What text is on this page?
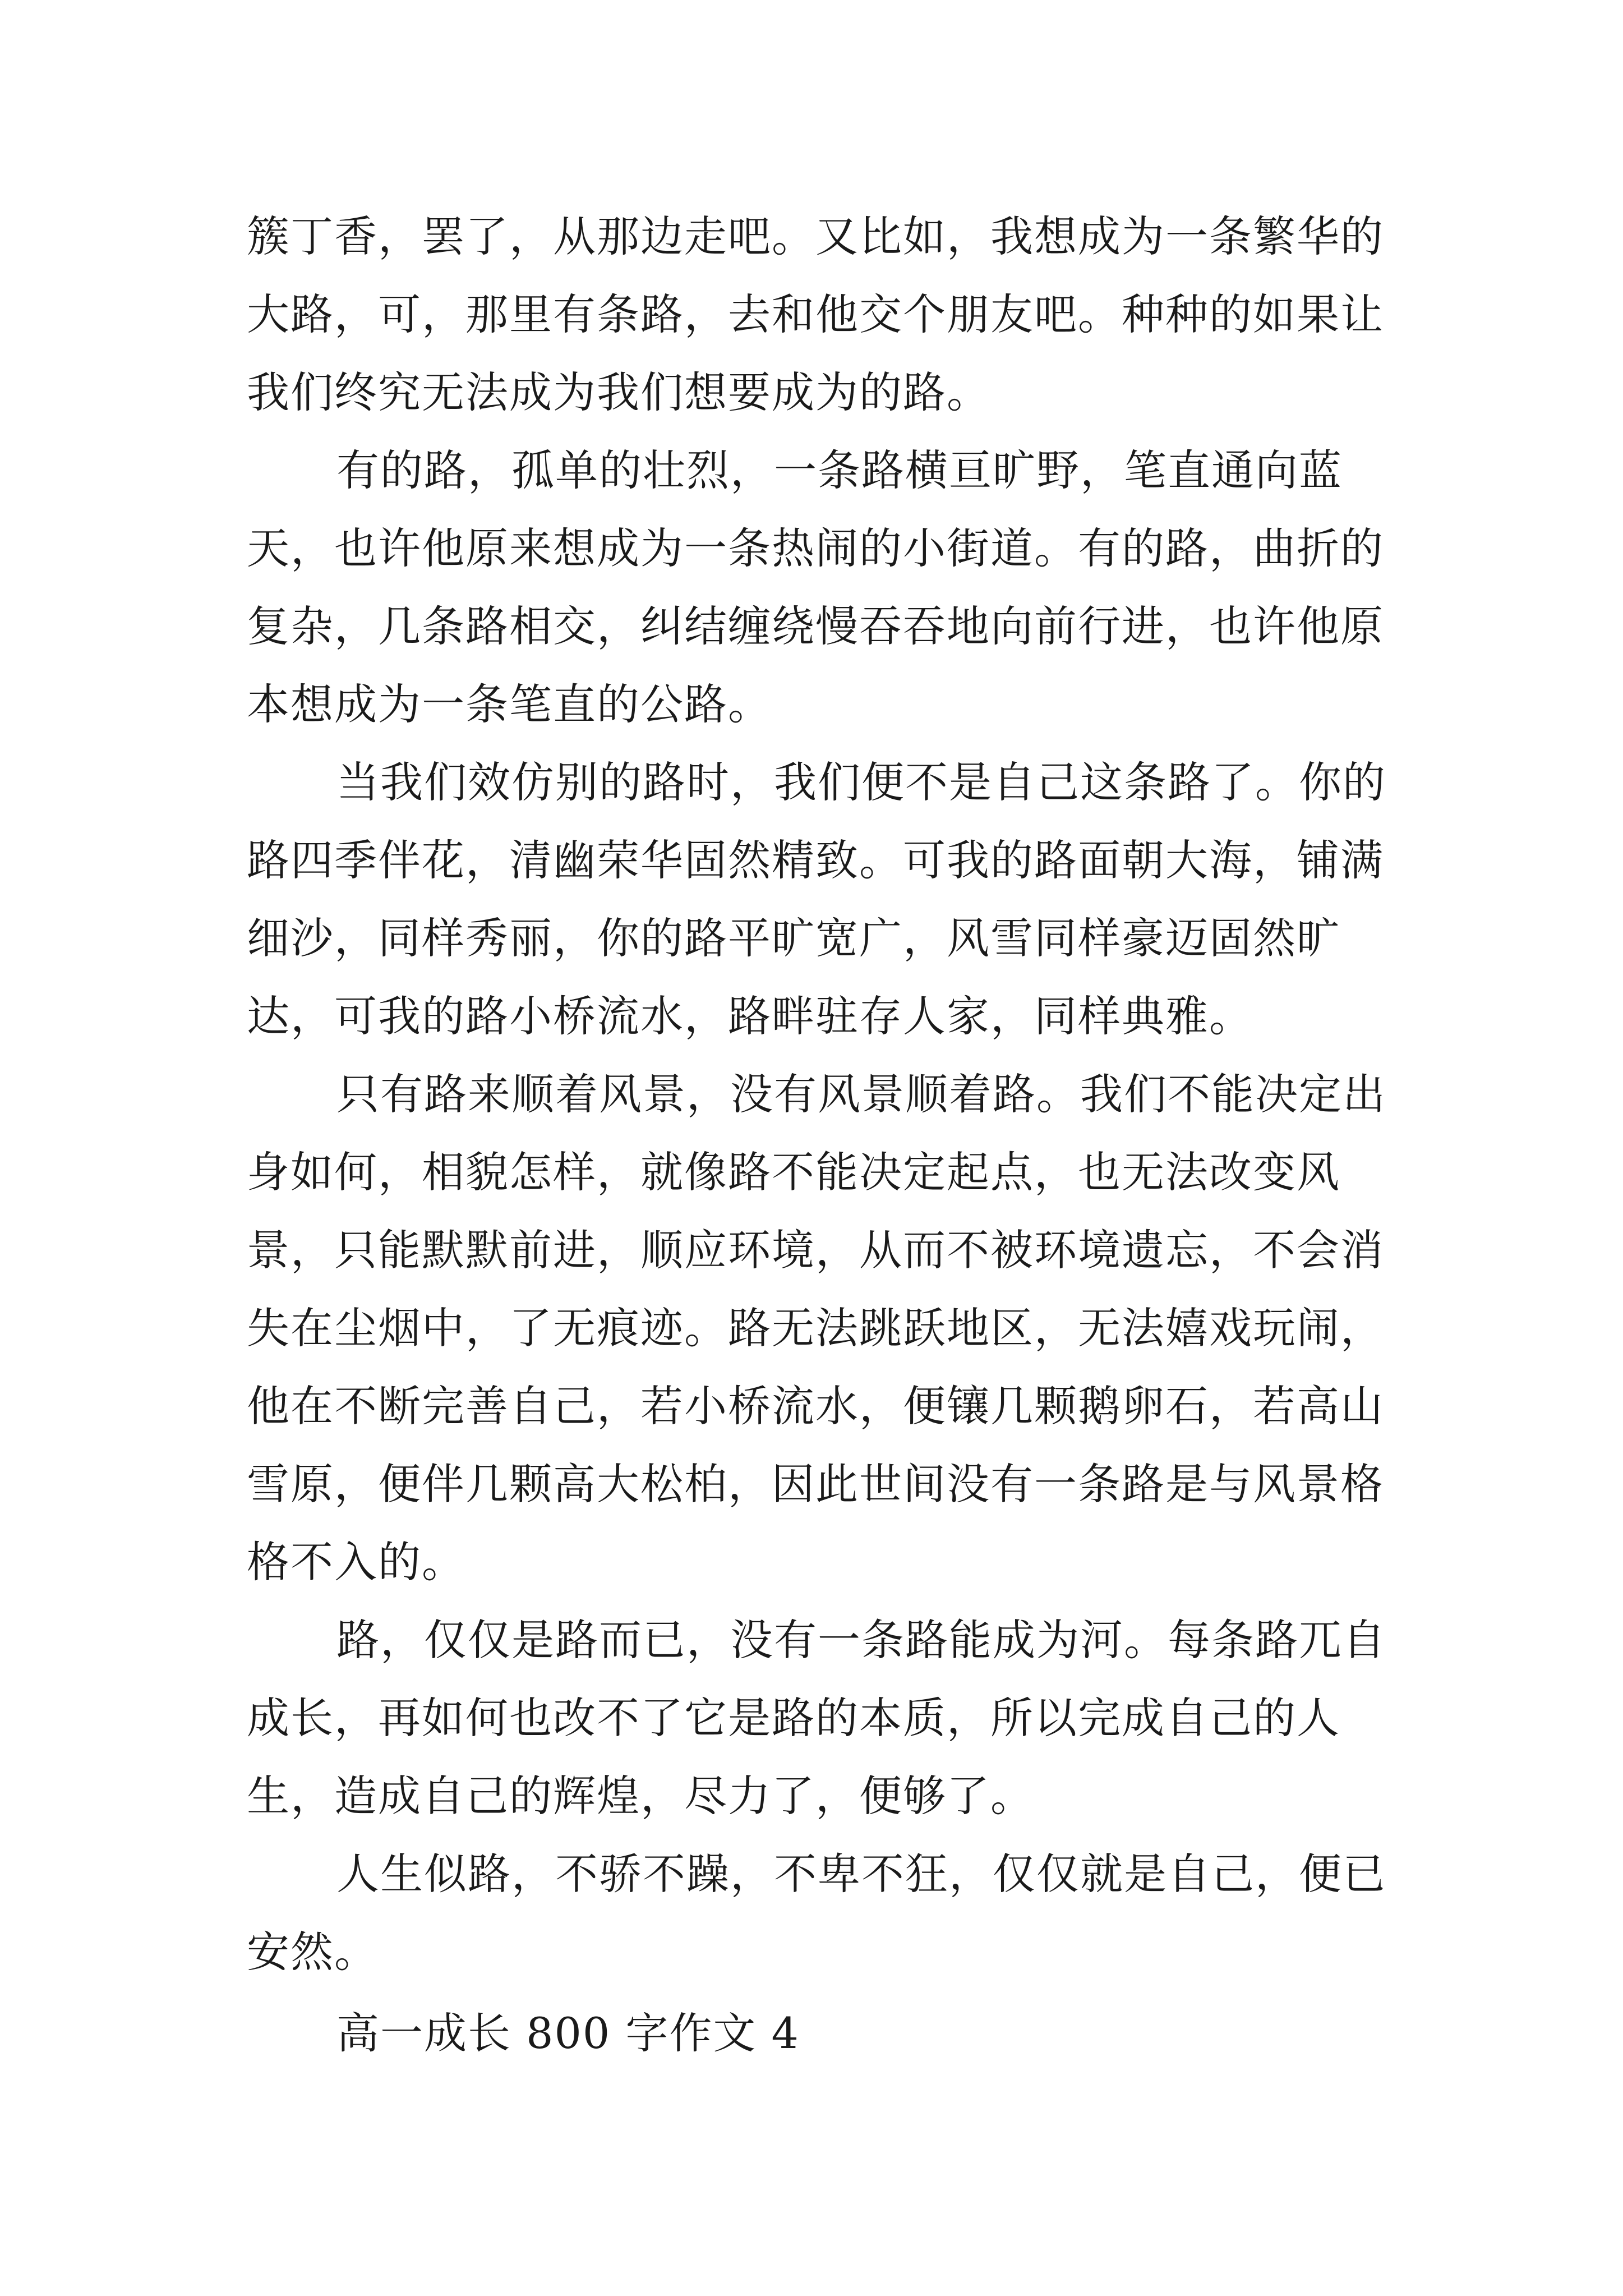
簇丁香，罢了，从那边走吧。又比如，我想成为一条繁华的大路，可，那里有条路，去和他交个朋友吧。种种的如果让我们终究无法成为我们想要成为的路。

有的路，孤单的壮烈，一条路横亘旷野，笔直通向蓝天，也许他原来想成为一条热闹的小街道。有的路，曲折的复杂，几条路相交，纠结缠绕慢吞吞地向前行进，也许他原本想成为一条笔直的公路。

当我们效仿别的路时，我们便不是自己这条路了。你的路四季伴花，清幽荣华固然精致。可我的路面朝大海，铺满细沙，同样秀丽，你的路平旷宽广，风雪同样豪迈固然旷达，可我的路小桥流水，路畔驻存人家，同样典雅。

只有路来顺着风景，没有风景顺着路。我们不能决定出身如何，相貌怎样，就像路不能决定起点，也无法改变风景，只能默默前进，顺应环境，从而不被环境遗忘，不会消失在尘烟中，了无痕迹。路无法跳跃地区，无法嬉戏玩闹，他在不断完善自己，若小桥流水，便镶几颗鹅卵石，若高山雪原，便伴几颗高大松柏，因此世间没有一条路是与风景格格不入的。

路，仅仅是路而已，没有一条路能成为河。每条路兀自成长，再如何也改不了它是路的本质，所以完成自己的人生，造成自己的辉煌，尽力了，便够了。

人生似路，不骄不躁，不卑不狂，仅仅就是自己，便已安然。

高一成长 800 字作文 4
